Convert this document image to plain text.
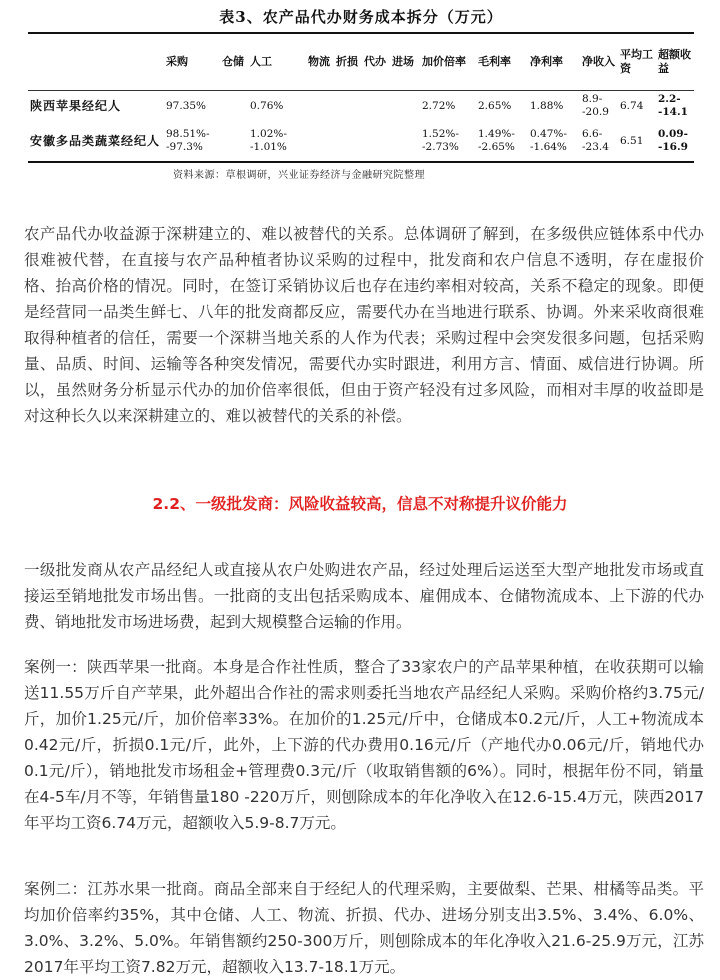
表3、农产品代办财务成本拆分（万元）
	采购	仓储	人工	物流	折损	代办	进场	加价倍率	毛利率	净利率	净收入	平均工资	超额收益
陕西苹果经纪人	97.35%		0.76%					2.72%	2.65%	1.88%	8.9--20.9	6.74	2.2--14.1
安徽多品类蔬菜经纪人	98.51%--97.3%		1.02%--1.01%					1.52%--2.73%	1.49%--2.65%	0.47%--1.64%	6.6--23.4	6.51	0.09--16.9
资料来源：草根调研，兴业证券经济与金融研究院整理

农产品代办收益源于深耕建立的、难以被替代的关系。总体调研了解到，在多级供应链体系中代办很难被代替，在直接与农产品种植者协议采购的过程中，批发商和农户信息不透明，存在虚报价格、抬高价格的情况。同时，在签订采销协议后也存在违约率相对较高，关系不稳定的现象。即便是经营同一品类生鲜七、八年的批发商都反应，需要代办在当地进行联系、协调。外来采收商很难取得种植者的信任，需要一个深耕当地关系的人作为代表；采购过程中会突发很多问题，包括采购量、品质、时间、运输等各种突发情况，需要代办实时跟进，利用方言、情面、威信进行协调。所以，虽然财务分析显示代办的加价倍率很低，但由于资产轻没有过多风险，而相对丰厚的收益即是对这种长久以来深耕建立的、难以被替代的关系的补偿。

2.2、一级批发商：风险收益较高，信息不对称提升议价能力

一级批发商从农产品经纪人或直接从农户处购进农产品，经过处理后运送至大型产地批发市场或直接运至销地批发市场出售。一批商的支出包括采购成本、雇佣成本、仓储物流成本、上下游的代办费、销地批发市场进场费，起到大规模整合运输的作用。

案例一：陕西苹果一批商。本身是合作社性质，整合了33家农户的产品苹果种植，在收获期可以输送11.55万斤自产苹果，此外超出合作社的需求则委托当地农产品经纪人采购。采购价格约3.75元/斤，加价1.25元/斤，加价倍率33%。在加价的1.25元/斤中，仓储成本0.2元/斤，人工+物流成本0.42元/斤，折损0.1元/斤，此外，上下游的代办费用0.16元/斤（产地代办0.06元/斤，销地代办0.1元/斤），销地批发市场租金+管理费0.3元/斤（收取销售额的6%）。同时，根据年份不同，销量在4-5车/月不等，年销售量180 -220万斤，则刨除成本的年化净收入在12.6-15.4万元，陕西2017年平均工资6.74万元，超额收入5.9-8.7万元。

案例二：江苏水果一批商。商品全部来自于经纪人的代理采购，主要做梨、芒果、柑橘等品类。平均加价倍率约35%，其中仓储、人工、物流、折损、代办、进场分别支出3.5%、3.4%、6.0%、3.0%、3.2%、5.0%。年销售额约250-300万斤，则刨除成本的年化净收入21.6-25.9万元，江苏2017年平均工资7.82万元，超额收入13.7-18.1万元。
